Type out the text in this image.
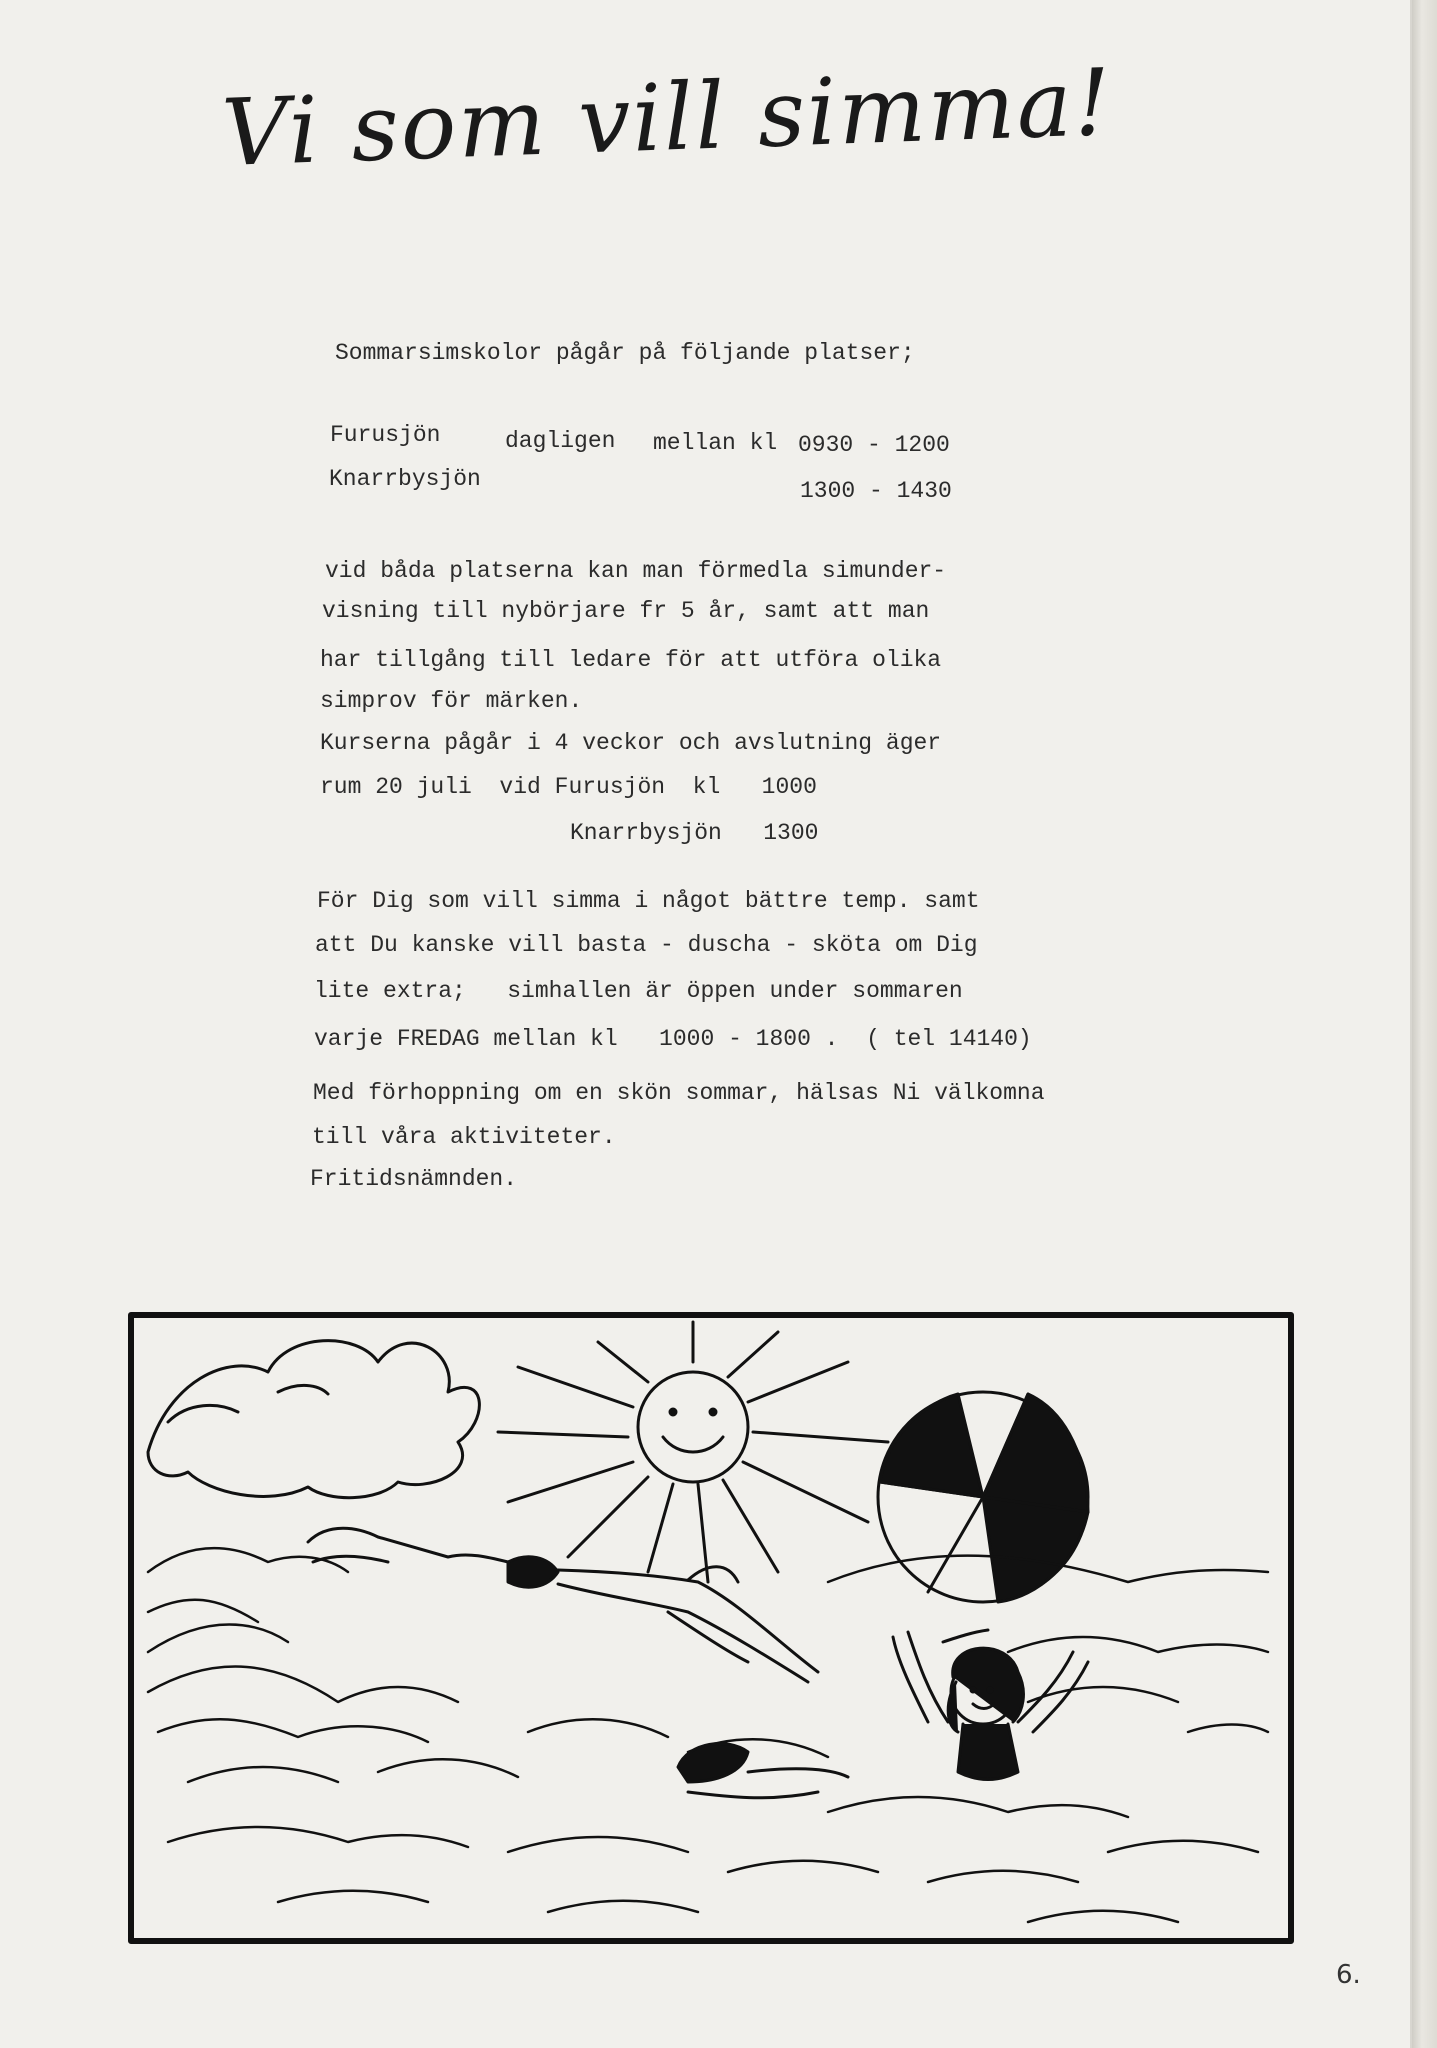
Vi som vill simma!
Sommarsimskolor pågår på följande platser;
Furusjön	dagligen mellan kl 0930 - 1200
Knarrbysjön	1300 - 1430
vid båda platserna kan man förmedla simunder-
visning till nybörjare fr 5 år, samt att man
har tillgång till ledare för att utföra olika
simprov för märken.
Kurserna pågår i 4 veckor och avslutning äger
rum 20 juli  vid Furusjön  kl   1000
Knarrbysjön   1300
För Dig som vill simma i något bättre temp. samt
att Du kanske vill basta - duscha - sköta om Dig
lite extra;   simhallen är öppen under sommaren
varje FREDAG mellan kl   1000 - 1800 .  ( tel 14140)
Med förhoppning om en skön sommar, hälsas Ni välkomna
till våra aktiviteter.
Fritidsnämnden.
6.
